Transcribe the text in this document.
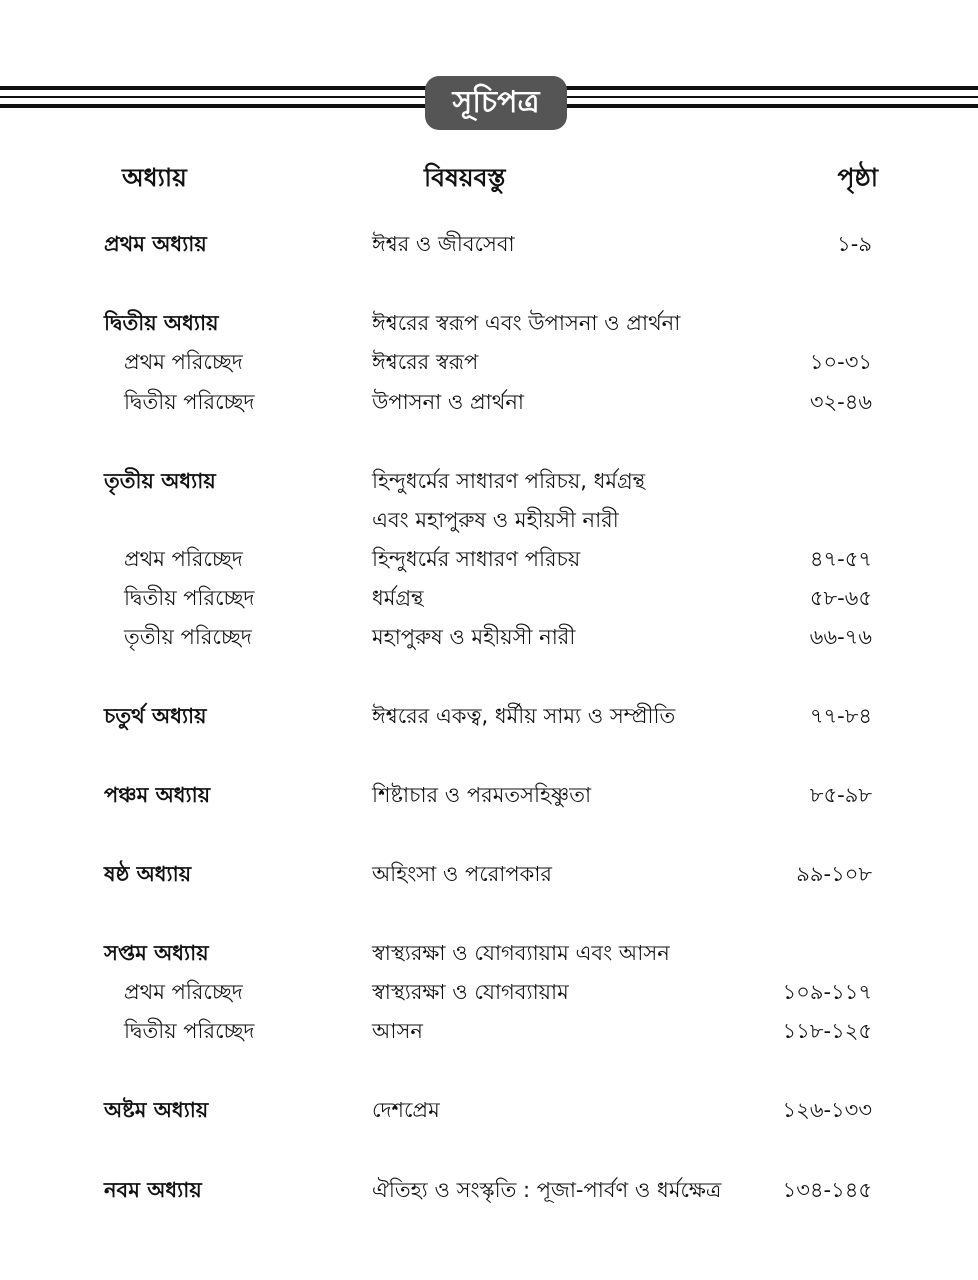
সূচিপত্র
অধ্যায়	বিষয়বস্তু	পৃষ্ঠা
প্রথম অধ্যায়	ঈশ্বর ও জীবসেবা	১-৯
দ্বিতীয় অধ্যায়	ঈশ্বরের স্বরূপ এবং উপাসনা ও প্রার্থনা
প্রথম পরিচ্ছেদ	ঈশ্বরের স্বরূপ	১০-৩১
দ্বিতীয় পরিচ্ছেদ	উপাসনা ও প্রার্থনা	৩২-৪৬
তৃতীয় অধ্যায়	হিন্দুধর্মের সাধারণ পরিচয়, ধর্মগ্রন্থ
এবং মহাপুরুষ ও মহীয়সী নারী
প্রথম পরিচ্ছেদ	হিন্দুধর্মের সাধারণ পরিচয়	৪৭-৫৭
দ্বিতীয় পরিচ্ছেদ	ধর্মগ্রন্থ	৫৮-৬৫
তৃতীয় পরিচ্ছেদ	মহাপুরুষ ও মহীয়সী নারী	৬৬-৭৬
চতুর্থ অধ্যায়	ঈশ্বরের একত্ব, ধর্মীয় সাম্য ও সম্প্রীতি	৭৭-৮৪
পঞ্চম অধ্যায়	শিষ্টাচার ও পরমতসহিষ্ণুতা	৮৫-৯৮
ষষ্ঠ অধ্যায়	অহিংসা ও পরোপকার	৯৯-১০৮
সপ্তম অধ্যায়	স্বাস্থ্যরক্ষা ও যোগব্যায়াম এবং আসন
প্রথম পরিচ্ছেদ	স্বাস্থ্যরক্ষা ও যোগব্যায়াম	১০৯-১১৭
দ্বিতীয় পরিচ্ছেদ	আসন	১১৮-১২৫
অষ্টম অধ্যায়	দেশপ্রেম	১২৬-১৩৩
নবম অধ্যায়	ঐতিহ্য ও সংস্কৃতি : পূজা-পার্বণ ও ধর্মক্ষেত্র	১৩৪-১৪৫
